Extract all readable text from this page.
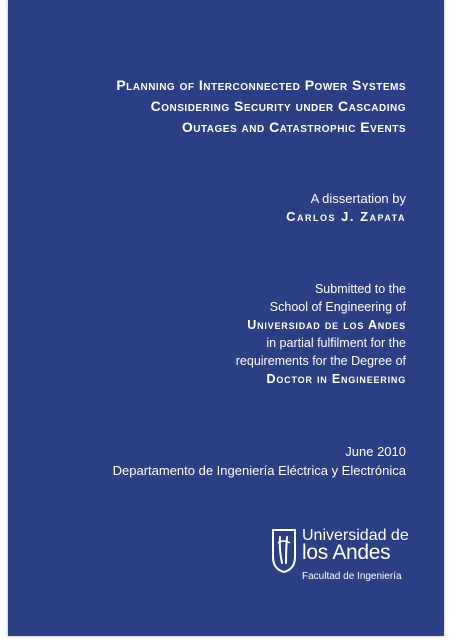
Planning of Interconnected Power Systems
Considering Security under Cascading
Outages and Catastrophic Events
A dissertation by
Carlos J. Zapata
Submitted to the
School of Engineering of
Universidad de los Andes
in partial fulfilment for the
requirements for the Degree of
Doctor in Engineering
June 2010
Departamento de Ingeniería Eléctrica y Electrónica
Universidad de
los Andes
Facultad de Ingeniería
